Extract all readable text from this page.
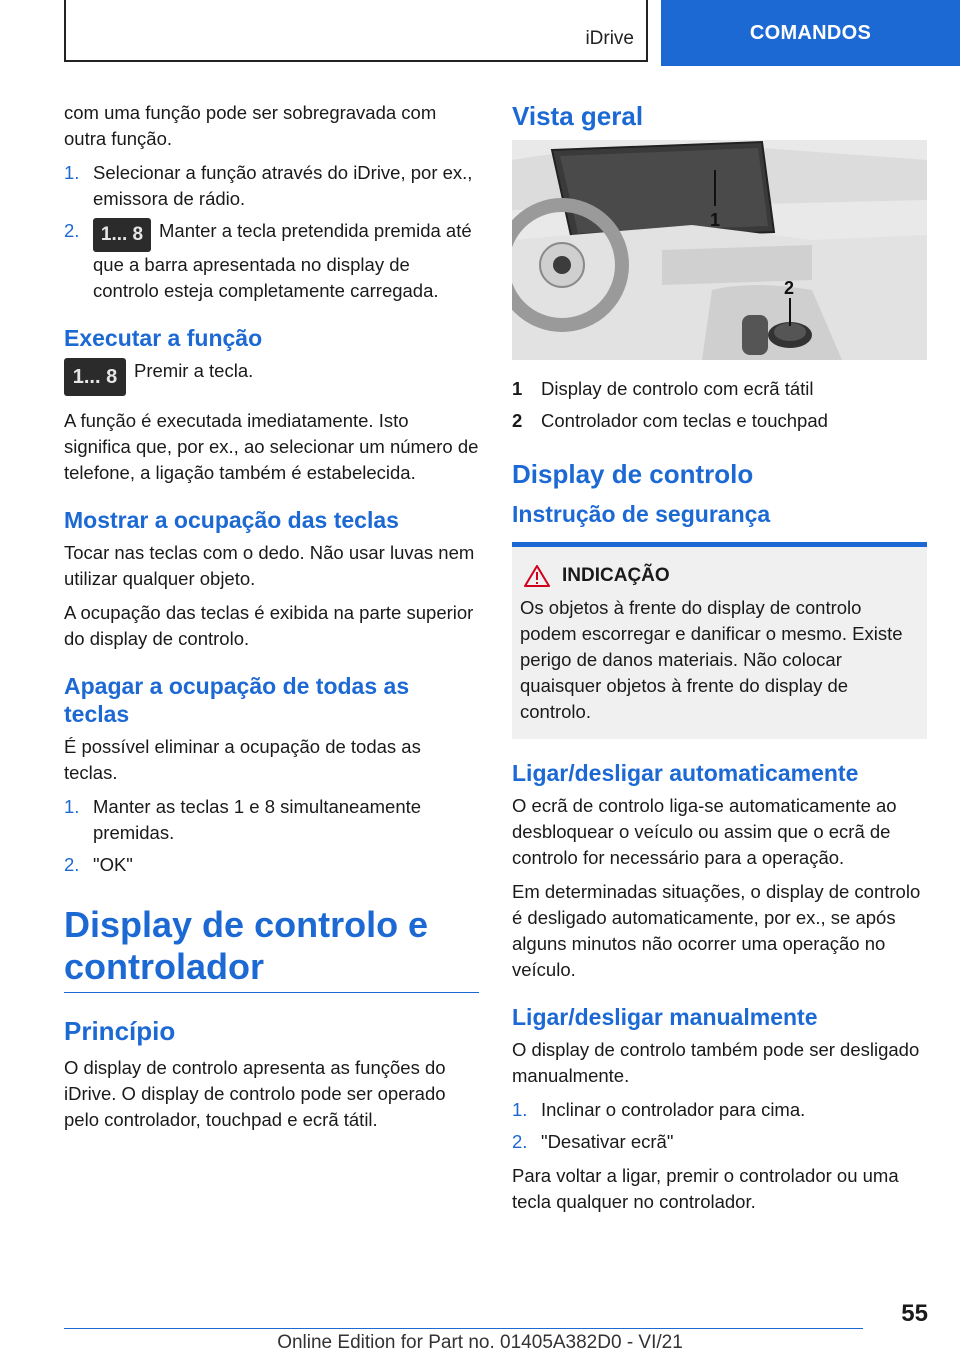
iDrive	COMANDOS

com uma função pode ser sobregravada com outra função.

1. Selecionar a função através do iDrive, por ex., emissora de rádio.
2. 1... 8 Manter a tecla pretendida premida até que a barra apresentada no display de controlo esteja completamente carregada.
Executar a função

1... 8 Premir a tecla.

A função é executada imediatamente. Isto significa que, por ex., ao selecionar um número de telefone, a ligação também é estabelecida.

Mostrar a ocupação das teclas

Tocar nas teclas com o dedo. Não usar luvas nem utilizar qualquer objeto.

A ocupação das teclas é exibida na parte superior do display de controlo.

Apagar a ocupação de todas as teclas

É possível eliminar a ocupação de todas as teclas.

1. Manter as teclas 1 e 8 simultaneamente premidas.
2. "OK"
Display de controlo e controlador
Princípio

O display de controlo apresenta as funções do iDrive. O display de controlo pode ser operado pelo controlador, touchpad e ecrã tátil.

Vista geral
1
2
1	Display de controlo com ecrã tátil
2	Controlador com teclas e touchpad
Display de controlo
Instrução de segurança
INDICAÇÃO

Os objetos à frente do display de controlo podem escorregar e danificar o mesmo. Existe perigo de danos materiais. Não colocar quaisquer objetos à frente do display de controlo.

Ligar/desligar automaticamente

O ecrã de controlo liga-se automaticamente ao desbloquear o veículo ou assim que o ecrã de controlo for necessário para a operação.

Em determinadas situações, o display de controlo é desligado automaticamente, por ex., se após alguns minutos não ocorrer uma operação no veículo.

Ligar/desligar manualmente

O display de controlo também pode ser desligado manualmente.

1. Inclinar o controlador para cima.
2. "Desativar ecrã"

Para voltar a ligar, premir o controlador ou uma tecla qualquer no controlador.

55
Online Edition for Part no. 01405A382D0 - VI/21
